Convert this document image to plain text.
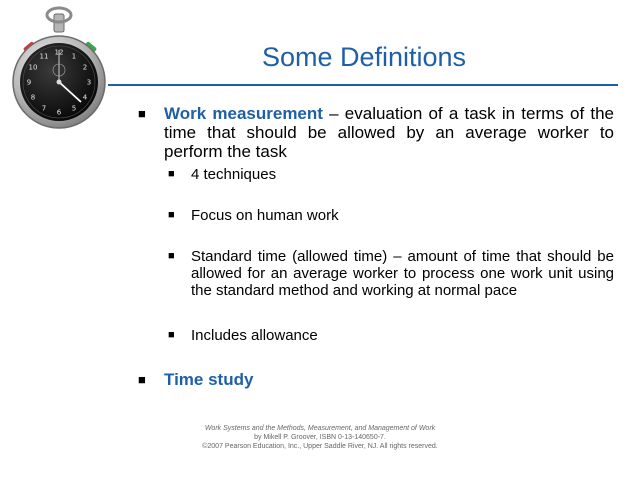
12 1
2
3
4
5
6
7
8
9
10
11	Some Definitions
■ Work measurement – evaluation of a task in terms of the time that should be allowed by an average worker to perform the task
■ 4 techniques
■ Focus on human work
■ Standard time (allowed time) – amount of time that should be allowed for an average worker to process one work unit using the standard method and working at normal pace
■ Includes allowance
■ Time study
Work Systems and the Methods, Measurement, and Management of Work
by Mikell P. Groover, ISBN 0-13-140650-7.
©2007 Pearson Education, Inc., Upper Saddle River, NJ. All rights reserved.
